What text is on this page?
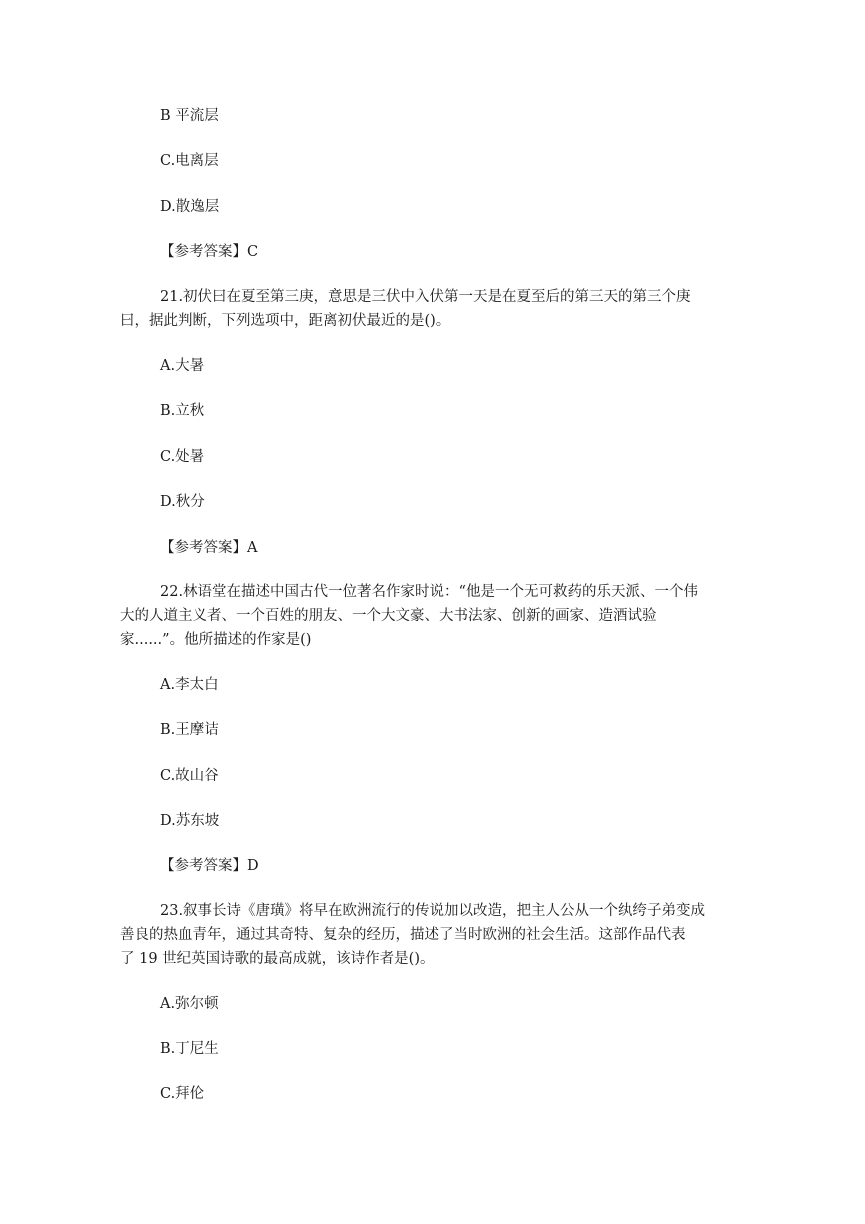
B 平流层

C.电离层

D.散逸层

【参考答案】C

21.初伏曰在夏至第三庚，意思是三伏中入伏第一天是在夏至后的第三天的第三个庚

曰，据此判断，下列选项中，距离初伏最近的是()。

A.大暑

B.立秋

C.处暑

D.秋分

【参考答案】A

22.林语堂在描述中国古代一位著名作家时说：“他是一个无可救药的乐天派、一个伟

大的人道主义者、一个百姓的朋友、一个大文豪、大书法家、创新的画家、造酒试验

家......”。他所描述的作家是()

A.李太白

B.王摩诘

C.故山谷

D.苏东坡

【参考答案】D

23.叙事长诗《唐璜》将早在欧洲流行的传说加以改造，把主人公从一个纨绔子弟变成

善良的热血青年，通过其奇特、复杂的经历，描述了当时欧洲的社会生活。这部作品代表

了 19 世纪英国诗歌的最高成就，该诗作者是()。

A.弥尔顿

B.丁尼生

C.拜伦
